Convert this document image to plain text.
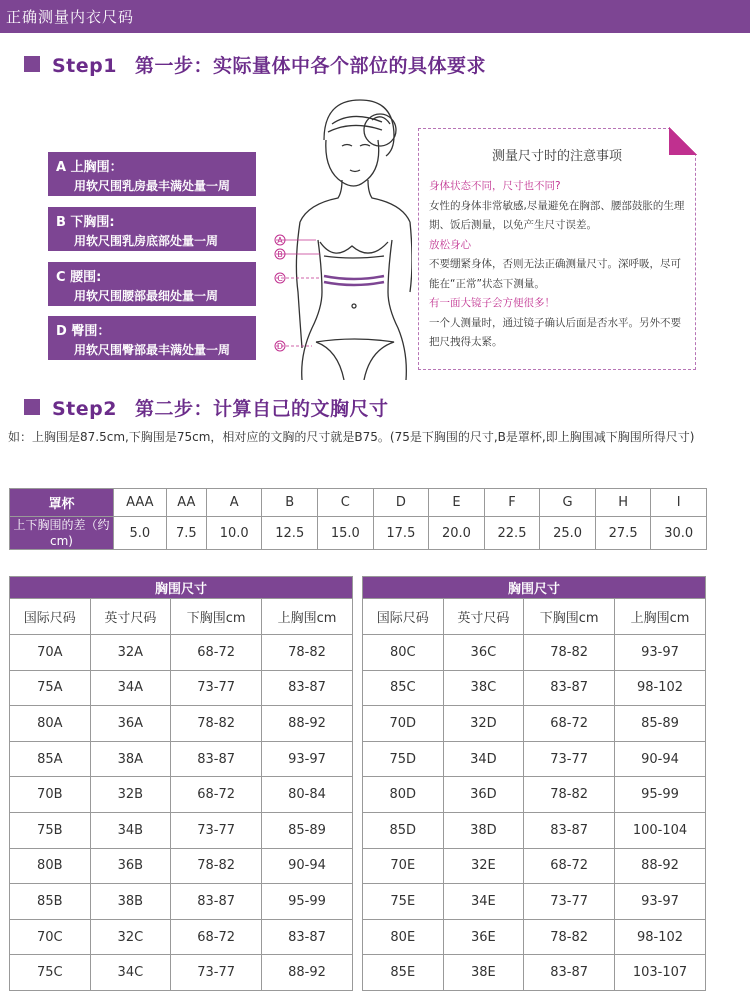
正确测量内衣尺码
Step1 第一步：实际量体中各个部位的具体要求
A 上胸围：
用软尺围乳房最丰满处量一周
B 下胸围:
用软尺围乳房底部处量一周
C 腰围:
用软尺围腰部最细处量一周
D 臀围：
用软尺围臀部最丰满处量一周
A
B
C
D
测量尺寸时的注意事项
身体状态不同，尺寸也不同?
女性的身体非常敏感,尽量避免在胸部、腰部鼓胀的生理期、饭后测量，以免产生尺寸误差。
放松身心
不要绷紧身体，否则无法正确测量尺寸。深呼吸，尽可能在“正常”状态下测量。
有一面大镜子会方便很多！
一个人测量时，通过镜子确认后面是否水平。另外不要把尺拽得太紧。
Step2 第二步：计算自己的文胸尺寸
如：上胸围是87.5cm,下胸围是75cm，相对应的文胸的尺寸就是B75。(75是下胸围的尺寸,B是罩杯,即上胸围减下胸围所得尺寸)
罩杯	AAA	AA	A	B	C	D	E	F	G	H	I
上下胸围的差（约cm)	5.0	7.5	10.0	12.5	15.0	17.5	20.0	22.5	25.0	27.5	30.0
胸围尺寸			
国际尺码	英寸尺码	下胸围cm	上胸围cm
70A	32A	68-72	78-82
75A	34A	73-77	83-87
80A	36A	78-82	88-92
85A	38A	83-87	93-97
70B	32B	68-72	80-84
75B	34B	73-77	85-89
80B	36B	78-82	90-94
85B	38B	83-87	95-99
70C	32C	68-72	83-87
75C	34C	73-77	88-92
胸围尺寸			
国际尺码	英寸尺码	下胸围cm	上胸围cm
80C	36C	78-82	93-97
85C	38C	83-87	98-102
70D	32D	68-72	85-89
75D	34D	73-77	90-94
80D	36D	78-82	95-99
85D	38D	83-87	100-104
70E	32E	68-72	88-92
75E	34E	73-77	93-97
80E	36E	78-82	98-102
85E	38E	83-87	103-107
